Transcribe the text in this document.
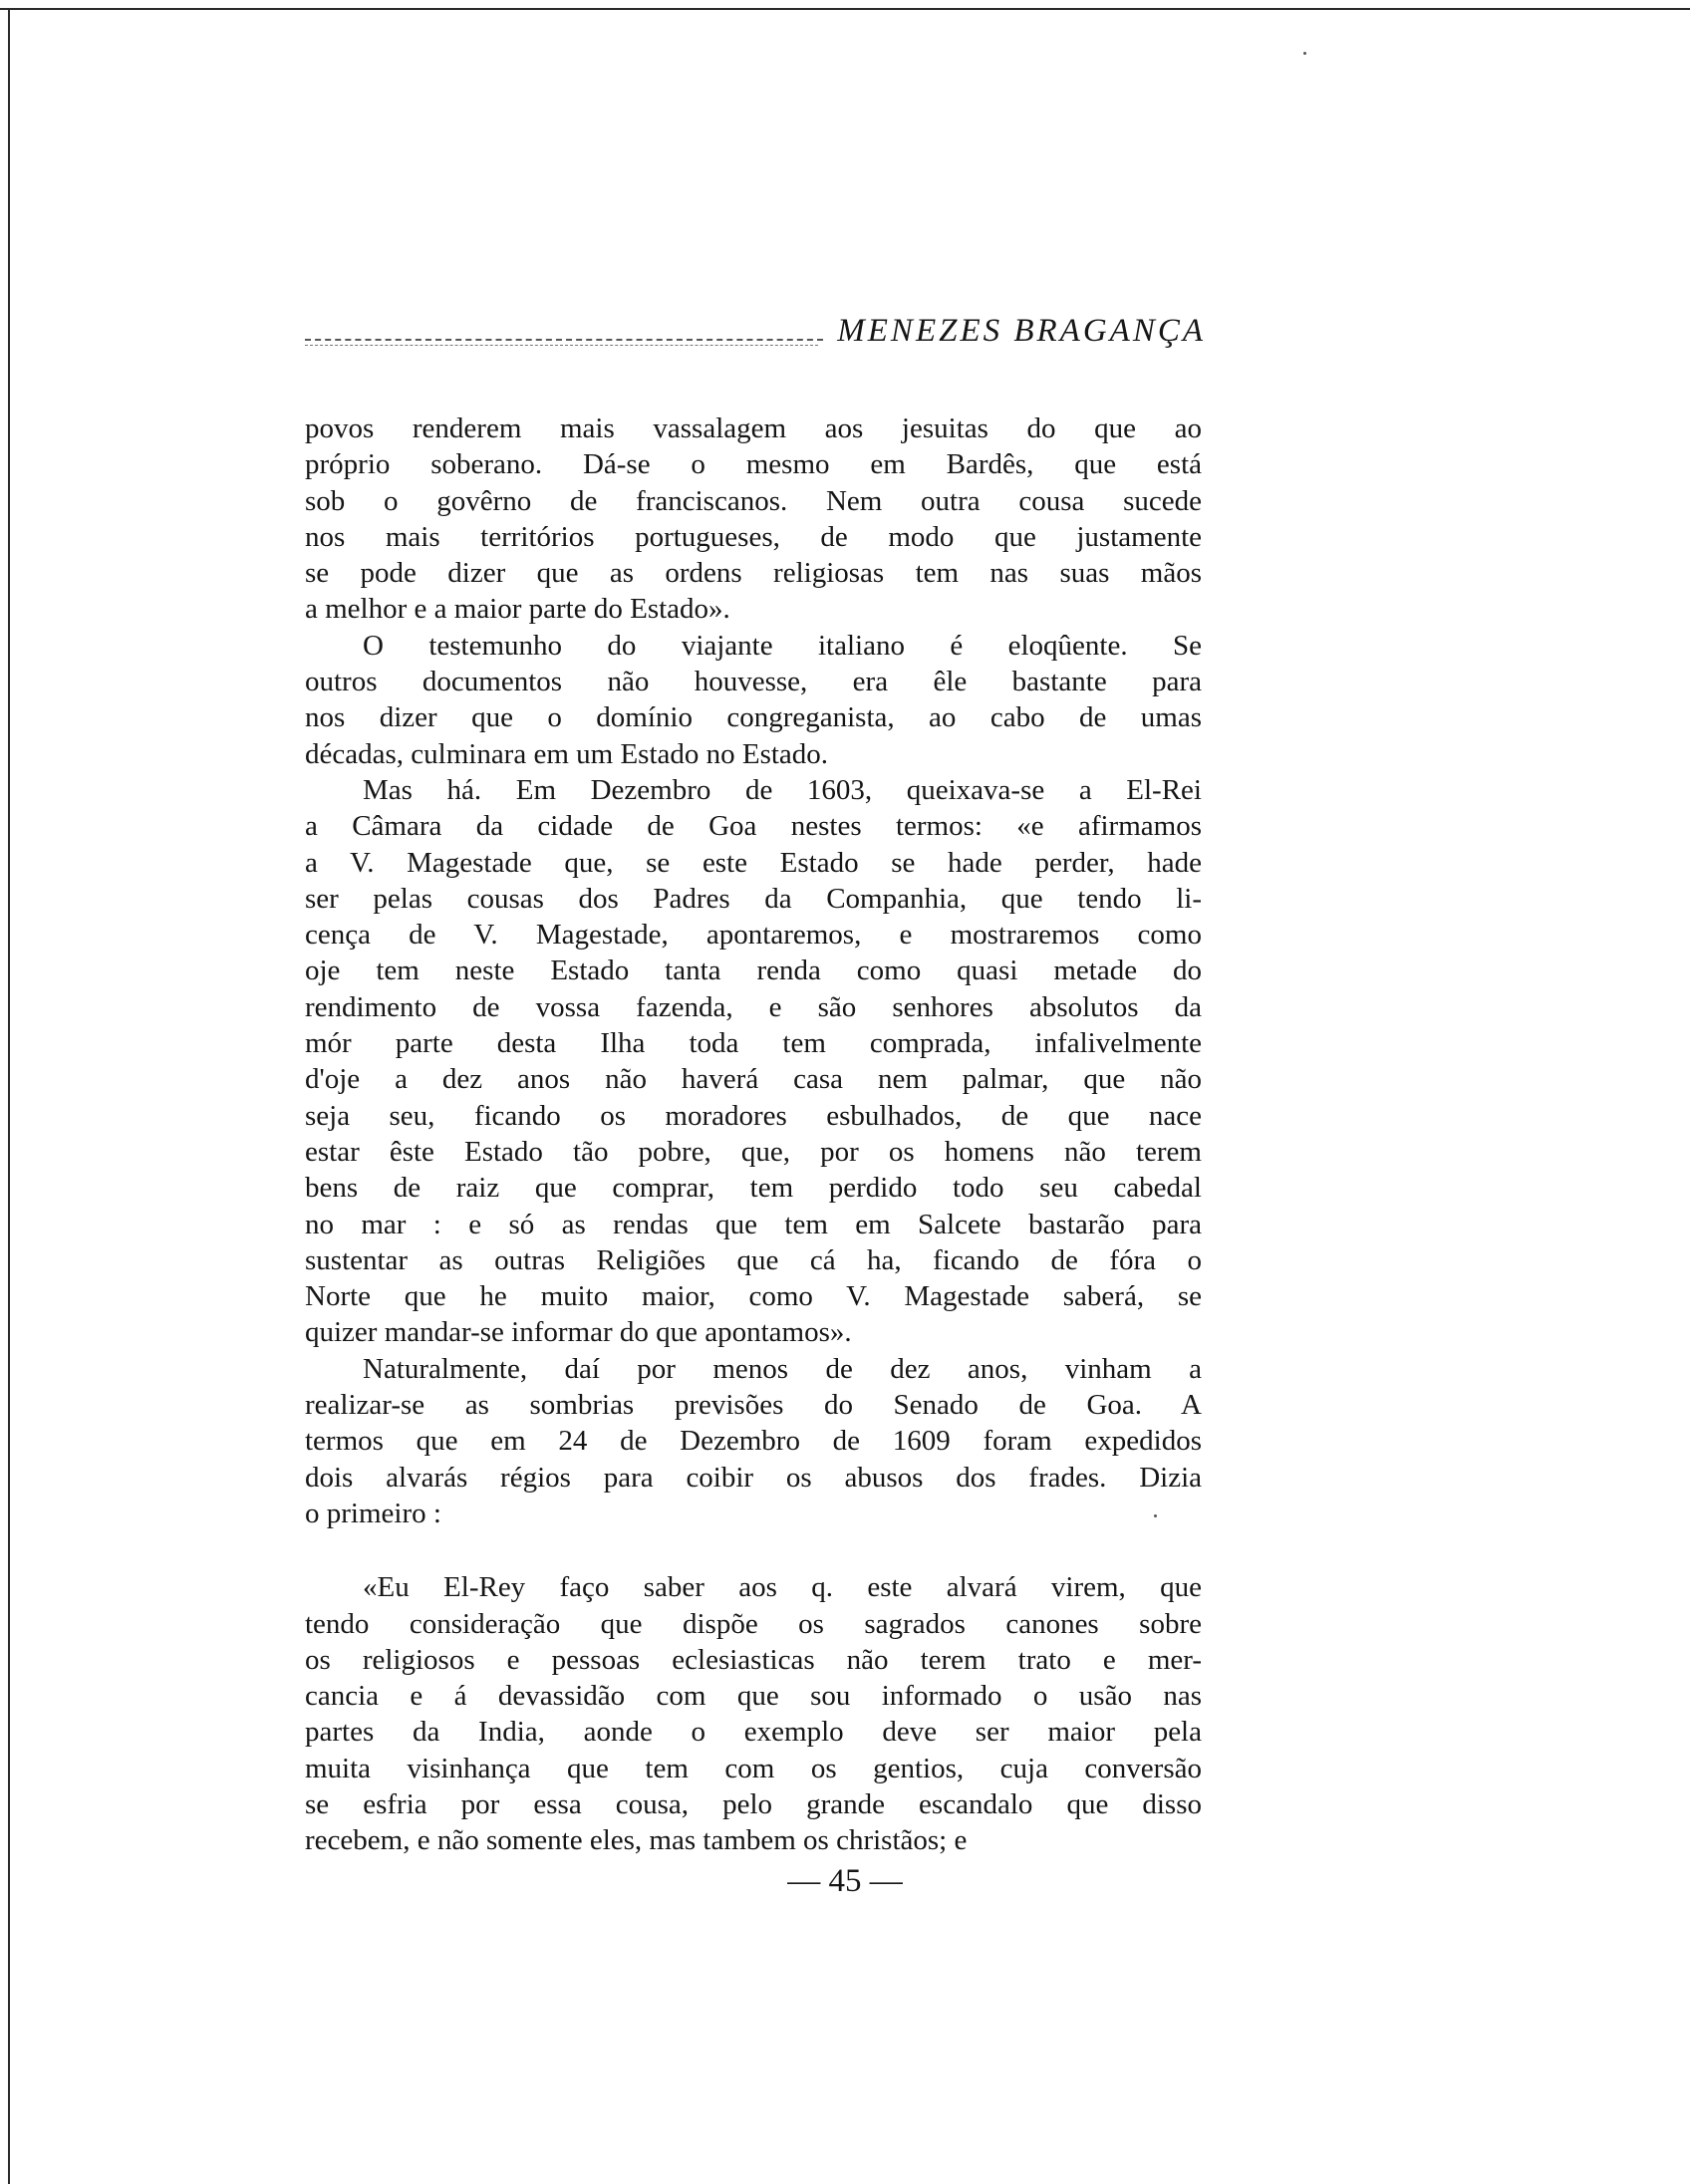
MENEZES BRAGANÇA
povos renderem mais vassalagem aos jesuitas do que ao
próprio soberano. Dá-se o mesmo em Bardês, que está
sob o govêrno de franciscanos. Nem outra cousa sucede
nos mais territórios portugueses, de modo que justamente
se pode dizer que as ordens religiosas tem nas suas mãos
a melhor e a maior parte do Estado».
O testemunho do viajante italiano é eloqûente. Se
outros documentos não houvesse, era êle bastante para
nos dizer que o domínio congreganista, ao cabo de umas
décadas, culminara em um Estado no Estado.
Mas há. Em Dezembro de 1603, queixava-se a El-Rei
a Câmara da cidade de Goa nestes termos: «e afirmamos
a V. Magestade que, se este Estado se hade perder, hade
ser pelas cousas dos Padres da Companhia, que tendo li-
cença de V. Magestade, apontaremos, e mostraremos como
oje tem neste Estado tanta renda como quasi metade do
rendimento de vossa fazenda, e são senhores absolutos da
mór parte desta Ilha toda tem comprada, infalivelmente
d'oje a dez anos não haverá casa nem palmar, que não
seja seu, ficando os moradores esbulhados, de que nace
estar êste Estado tão pobre, que, por os homens não terem
bens de raiz que comprar, tem perdido todo seu cabedal
no mar : e só as rendas que tem em Salcete bastarão para
sustentar as outras Religiões que cá ha, ficando de fóra o
Norte que he muito maior, como V. Magestade saberá, se
quizer mandar-se informar do que apontamos».
Naturalmente, daí por menos de dez anos, vinham a
realizar-se as sombrias previsões do Senado de Goa. A
termos que em 24 de Dezembro de 1609 foram expedidos
dois alvarás régios para coibir os abusos dos frades. Dizia
o primeiro :
«Eu El-Rey faço saber aos q. este alvará virem, que
tendo consideração que dispõe os sagrados canones sobre
os religiosos e pessoas eclesiasticas não terem trato e mer-
cancia e á devassidão com que sou informado o usão nas
partes da India, aonde o exemplo deve ser maior pela
muita visinhança que tem com os gentios, cuja conversão
se esfria por essa cousa, pelo grande escandalo que disso
recebem, e não somente eles, mas tambem os christãos; e
— 45 —
